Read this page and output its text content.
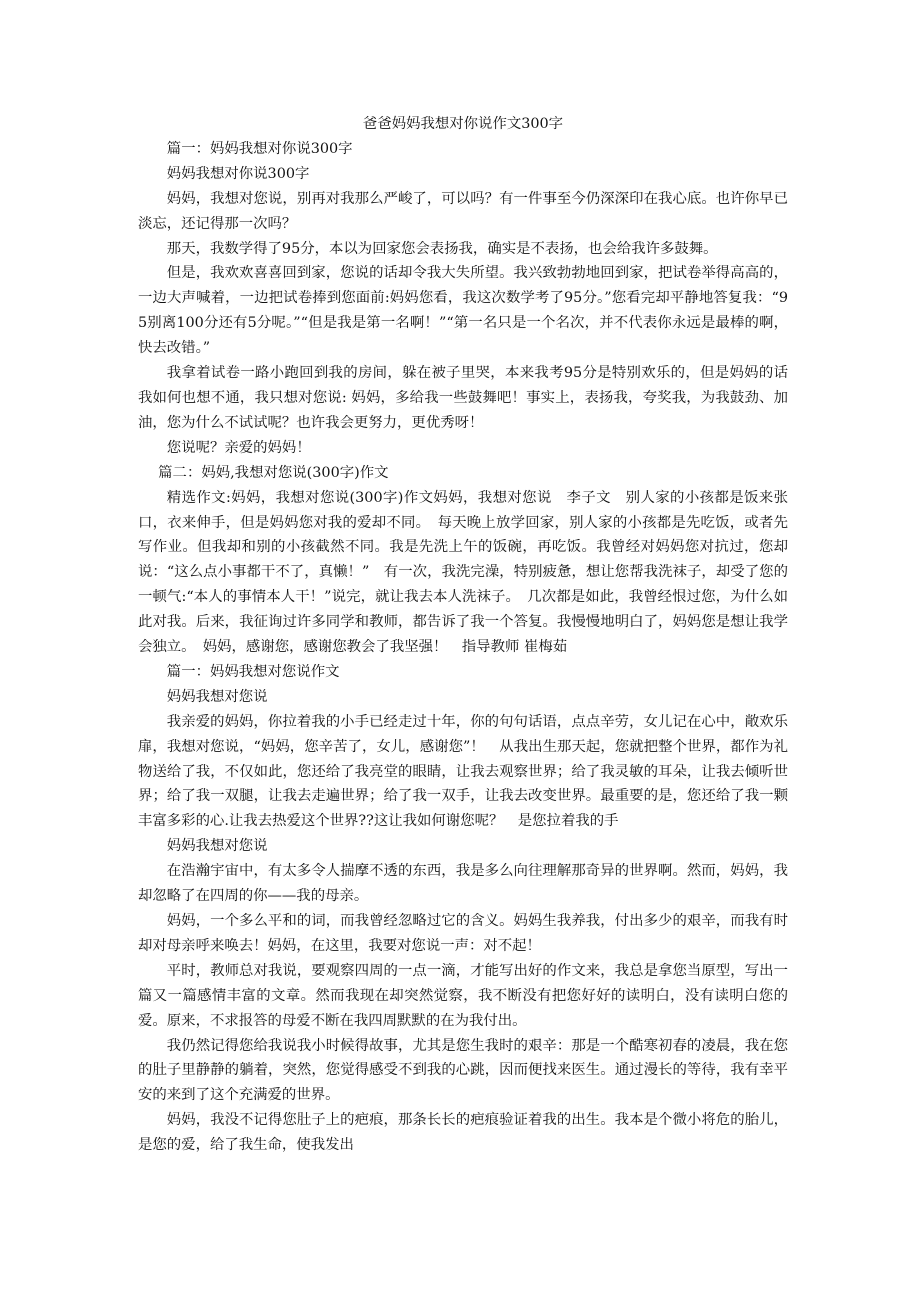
爸爸妈妈我想对你说作文300字

篇一：妈妈我想对你说300字

妈妈我想对你说300字

妈妈，我想对您说，别再对我那么严峻了，可以吗？有一件事至今仍深深印在我心底。也许你早已淡忘，还记得那一次吗？

那天，我数学得了95分，本以为回家您会表扬我，确实是不表扬，也会给我许多鼓舞。

但是，我欢欢喜喜回到家，您说的话却令我大失所望。我兴致勃勃地回到家，把试卷举得高高的，一边大声喊着，一边把试卷捧到您面前:妈妈您看，我这次数学考了95分。”您看完却平静地答复我：“95别离100分还有5分呢。”“但是我是第一名啊！”“第一名只是一个名次，并不代表你永远是最棒的啊，快去改错。”

我拿着试卷一路小跑回到我的房间，躲在被子里哭，本来我考95分是特别欢乐的，但是妈妈的话我如何也想不通，我只想对您说: 妈妈，多给我一些鼓舞吧！事实上，表扬我，夸奖我，为我鼓劲、加油，您为什么不试试呢？也许我会更努力，更优秀呀！

您说呢？亲爱的妈妈！

篇二：妈妈,我想对您说(300字)作文

精选作文:妈妈，我想对您说(300字)作文妈妈，我想对您说　李子文　别人家的小孩都是饭来张口，衣来伸手，但是妈妈您对我的爱却不同。　每天晚上放学回家，别人家的小孩都是先吃饭，或者先写作业。但我却和别的小孩截然不同。我是先洗上午的饭碗，再吃饭。我曾经对妈妈您对抗过，您却说：“这么点小事都干不了，真懒！”　有一次，我洗完澡，特别疲惫，想让您帮我洗袜子，却受了您的一顿气:“本人的事情本人干！”说完，就让我去本人洗袜子。　几次都是如此，我曾经恨过您，为什么如此对我。后来，我征询过许多同学和教师，都告诉了我一个答复。我慢慢地明白了，妈妈您是想让我学会独立。　妈妈，感谢您，感谢您教会了我坚强！　指导教师 崔梅茹

篇一：妈妈我想对您说作文

妈妈我想对您说

我亲爱的妈妈，你拉着我的小手已经走过十年，你的句句话语，点点辛劳，女儿记在心中，敞欢乐扉，我想对您说，“妈妈，您辛苦了，女儿，感谢您”！　从我出生那天起，您就把整个世界，都作为礼物送给了我，不仅如此，您还给了我亮堂的眼睛，让我去观察世界；给了我灵敏的耳朵，让我去倾听世界；给了我一双腿，让我去走遍世界；给了我一双手，让我去改变世界。最重要的是，您还给了我一颗丰富多彩的心.让我去热爱这个世界??这让我如何谢您呢？　是您拉着我的手

妈妈我想对您说

在浩瀚宇宙中，有太多令人揣摩不透的东西，我是多么向往理解那奇异的世界啊。然而，妈妈，我却忽略了在四周的你——我的母亲。

妈妈，一个多么平和的词，而我曾经忽略过它的含义。妈妈生我养我，付出多少的艰辛，而我有时却对母亲呼来唤去！妈妈，在这里，我要对您说一声：对不起！

平时，教师总对我说，要观察四周的一点一滴，才能写出好的作文来，我总是拿您当原型，写出一篇又一篇感情丰富的文章。然而我现在却突然觉察，我不断没有把您好好的读明白，没有读明白您的爱。原来，不求报答的母爱不断在我四周默默的在为我付出。

我仍然记得您给我说我小时候得故事，尤其是您生我时的艰辛：那是一个酷寒初春的凌晨，我在您的肚子里静静的躺着，突然，您觉得感受不到我的心跳，因而便找来医生。通过漫长的等待，我有幸平安的来到了这个充满爱的世界。

妈妈，我没不记得您肚子上的疤痕，那条长长的疤痕验证着我的出生。我本是个微小将危的胎儿，是您的爱，给了我生命，使我发出
